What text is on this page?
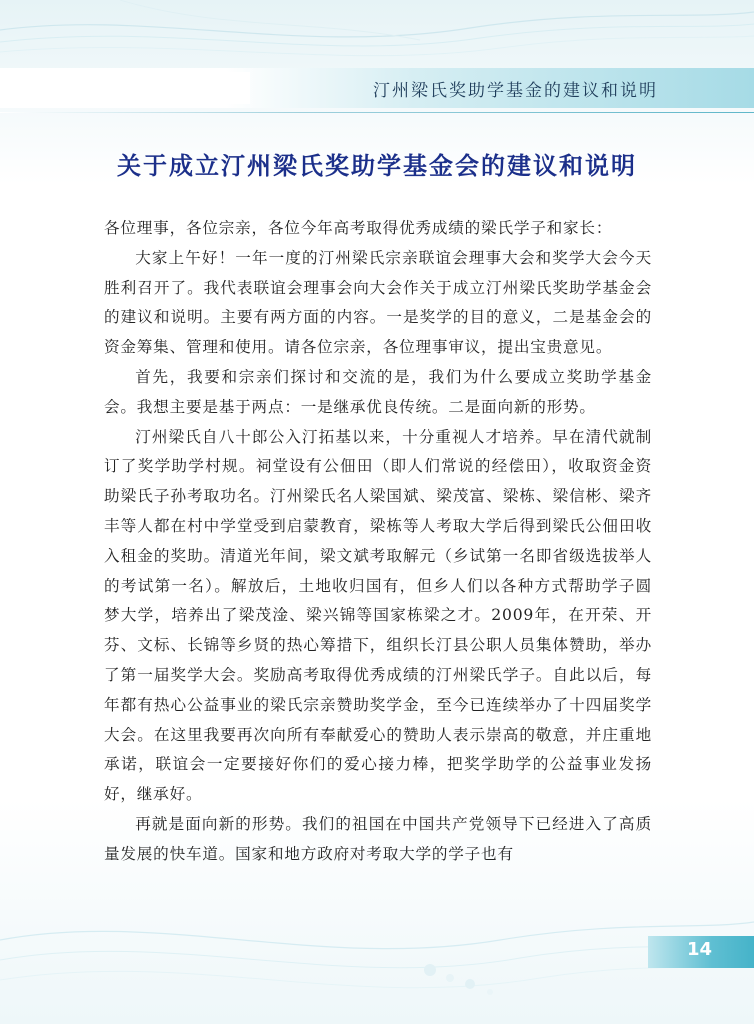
汀州梁氏奖助学基金的建议和说明
关于成立汀州梁氏奖助学基金会的建议和说明

各位理事，各位宗亲，各位今年高考取得优秀成绩的梁氏学子和家长：

大家上午好！一年一度的汀州梁氏宗亲联谊会理事大会和奖学大会今天胜利召开了。我代表联谊会理事会向大会作关于成立汀州梁氏奖助学基金会的建议和说明。主要有两方面的内容。一是奖学的目的意义，二是基金会的资金筹集、管理和使用。请各位宗亲，各位理事审议，提出宝贵意见。

首先，我要和宗亲们探讨和交流的是，我们为什么要成立奖助学基金会。我想主要是基于两点：一是继承优良传统。二是面向新的形势。

汀州梁氏自八十郎公入汀拓基以来，十分重视人才培养。早在清代就制订了奖学助学村规。祠堂设有公佃田（即人们常说的经偿田），收取资金资助梁氏子孙考取功名。汀州梁氏名人梁国斌、梁茂富、梁栋、梁信彬、梁齐丰等人都在村中学堂受到启蒙教育，梁栋等人考取大学后得到梁氏公佃田收入租金的奖助。清道光年间，梁文斌考取解元（乡试第一名即省级选拔举人的考试第一名）。解放后，土地收归国有，但乡人们以各种方式帮助学子圆梦大学，培养出了梁茂淦、梁兴锦等国家栋梁之才。2009年，在开荣、开芬、文标、长锦等乡贤的热心筹措下，组织长汀县公职人员集体赞助，举办了第一届奖学大会。奖励高考取得优秀成绩的汀州梁氏学子。自此以后，每年都有热心公益事业的梁氏宗亲赞助奖学金，至今已连续举办了十四届奖学大会。在这里我要再次向所有奉献爱心的赞助人表示崇高的敬意，并庄重地承诺，联谊会一定要接好你们的爱心接力棒，把奖学助学的公益事业发扬好，继承好。

再就是面向新的形势。我们的祖国在中国共产党领导下已经进入了高质量发展的快车道。国家和地方政府对考取大学的学子也有

14
